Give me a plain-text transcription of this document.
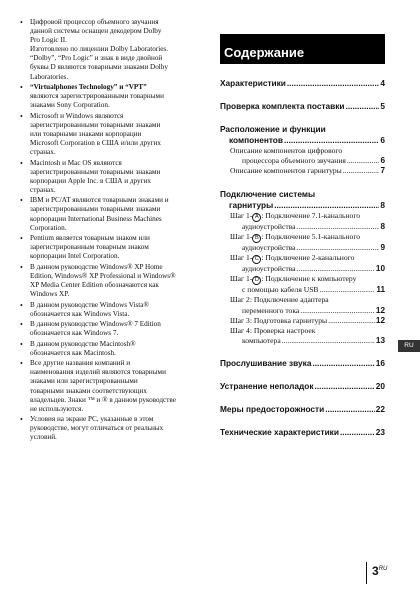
• Цифровой процессор объемного звучания
данной системы оснащен декодером Dolby
Pro Logic II.
Изготовлено по лицензии Dolby Laboratories.
“Dolby”, “Pro Logic” и знак в виде двойной
буквы D являются товарными знаками Dolby
Laboratories.
• “Virtualphones Technology” и “VPT”
являются зарегистрированными товарными
знаками Sony Corporation.
• Microsoft и Windows являются
зарегистрированными товарными знаками
или товарными знаками корпорации
Microsoft Corporation в США и/или других
странах.
• Macintosh и Mac OS являются
зарегистрированными товарными знаками
корпорации Apple Inc. в США и других
странах.
• IBM и PC/AT являются товарными знаками и
зарегистрированными товарными знаками
корпорации International Business Machines
Corporation.
• Pentium является товарным знаком или
зарегистрированным товарным знаком
корпорации Intel Corporation.
• В данном руководстве Windows® XP Home
Edition, Windows® XP Professional и Windows®
XP Media Center Edition обозначаются как
Windows XP.
• В данном руководстве Windows Vista®
обозначается как Windows Vista.
• В данном руководстве Windows® 7 Edition
обозначается как Windows 7.
• В данном руководстве Macintosh®
обозначается как Macintosh.
• Все другие названия компаний и
наименования изделий являются товарными
знаками или зарегистрированными
товарными знаками соответствующих
владельцев. Знаки ™ и ® в данном руководстве
не используются.
• Условия на экране PC, указанные в этом
руководстве, могут отличаться от реальных
условий.
Содержание
Характеристики .....	4
Проверка комплекта поставки .....	5
Расположение и функции
компонентов .....	6
Описание компонентов цифрового
процессора объемного звучания .....	6
Описание компонентов гарнитуры .....	7
Подключение системы
гарнитуры .....	8
Шаг 1- A : Подключение 7.1-канального
аудиоустройства .....	8
Шаг 1- B : Подключение 5.1-канального
аудиоустройства .....	9
Шаг 1- C : Подключение 2-канального
аудиоустройства .....	10
Шаг 1- D : Подключение к компьютеру
с помощью кабеля USB .....	11
Шаг 2: Подключение адаптера
переменного тока .....	12
Шаг 3: Подготовка гарнитуры .....	12
Шаг 4: Проверка настроек
компьютера .....	13
Прослушивание звука .....	16
Устранение неполадок .....	20
Меры предосторожности .....	22
Технические характеристики .....	23
RU
$3^{RU}$
